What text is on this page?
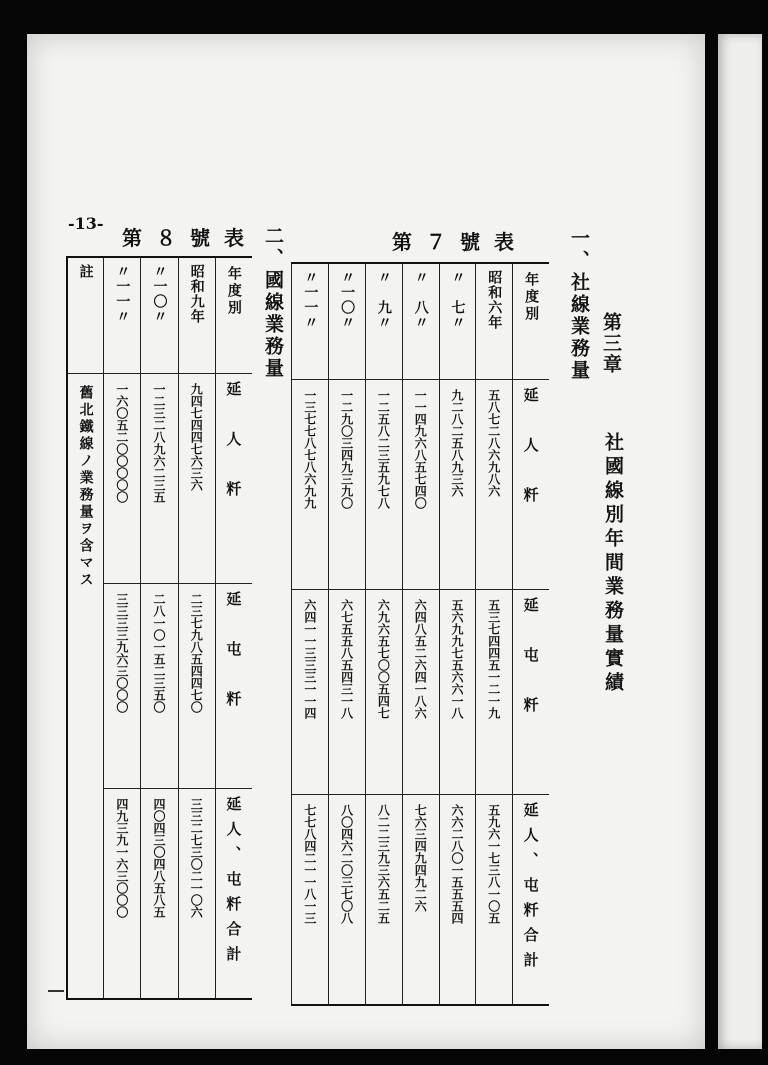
第三章
社國線別年間業務量實績
一、社線業務量
二、國線業務量	第７號表
第８號表
-13-
年度別
延　人　粁
延　屯　粁
延人、屯粁合計
昭和六年
五八七二八六九八六
五三七四四五一二一九
五九六一七三八一〇五
〃　七〃
九二八二五八九三六
五六九九七五六六一八
六六二八〇一五五五四
〃　八〃
一一四九六八五七四〇
六四八五二六四一八六
七六三四九四九二六
〃　九〃
一二五八二三五九七八
六九六五七〇〇五四七
八二二三九三六五二五
〃一〇〃
一二九〇三四九三九〇
六七五五八五四三一八
八〇四六二〇三七〇八
〃一一〃
一三七七八七八六九九
六四一一三三三一一四
七七八四二一一八一三
年度別
延　人　粁
延　屯　粁
延人、屯粁合計
昭和九年
九四七四四七六三六
二三七九八五四四七〇
三三二七三〇二一〇六
〃一〇〃
一二三二八九六二三五
二八一〇一五二三五〇
四〇四三〇四八五八五
〃一一〃
一六〇五二〇〇〇〇〇
三三三三九六三〇〇〇
四九三九一六三〇〇〇
註
舊北鐵線ノ業務量ヲ含マス
